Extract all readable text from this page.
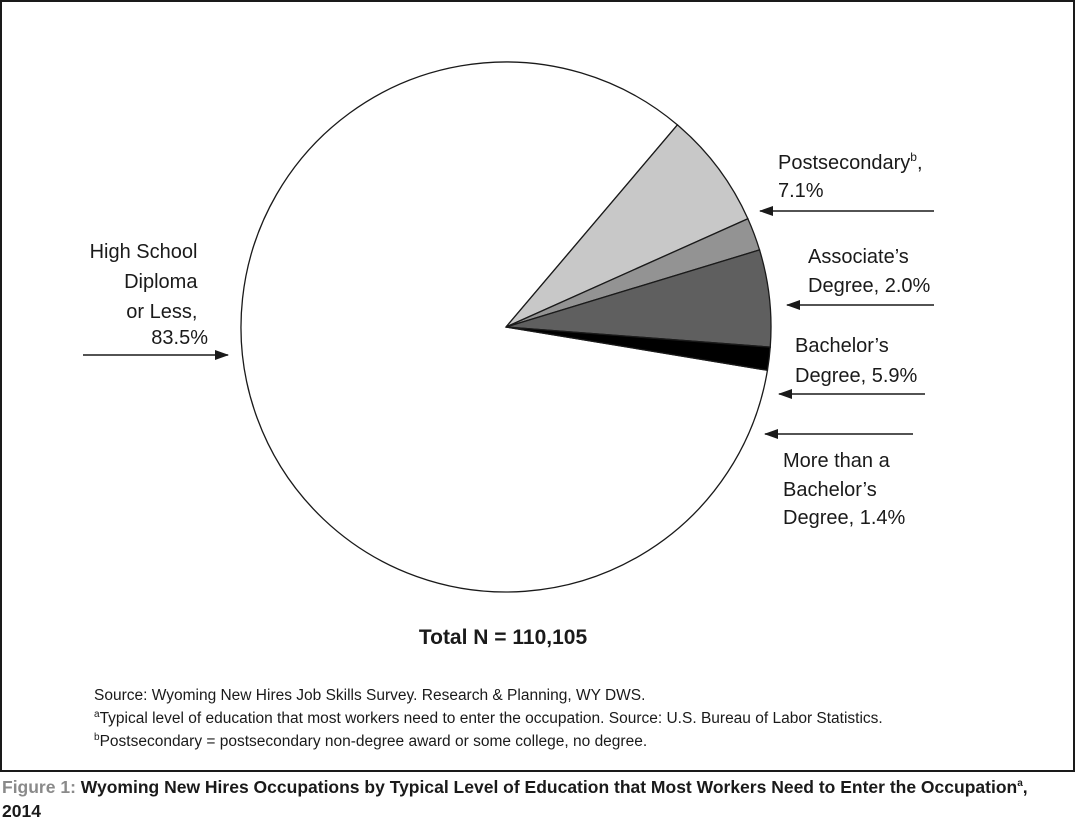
High School Diploma or Less, 83.5%
Postsecondary$^b$, 7.1%
Associate’s Degree, 2.0%
Bachelor’s Degree, 5.9%
More than a Bachelor’s Degree, 1.4%
Total N = 110,105
Source: Wyoming New Hires Job Skills Survey. Research & Planning, WY DWS.
$^a$Typical level of education that most workers need to enter the occupation. Source: U.S. Bureau of Labor Statistics.
$^b$Postsecondary = postsecondary non-degree award or some college, no degree.
Figure 1: Wyoming New Hires Occupations by Typical Level of Education that Most Workers Need to Enter the Occupation$^a$, 2014
